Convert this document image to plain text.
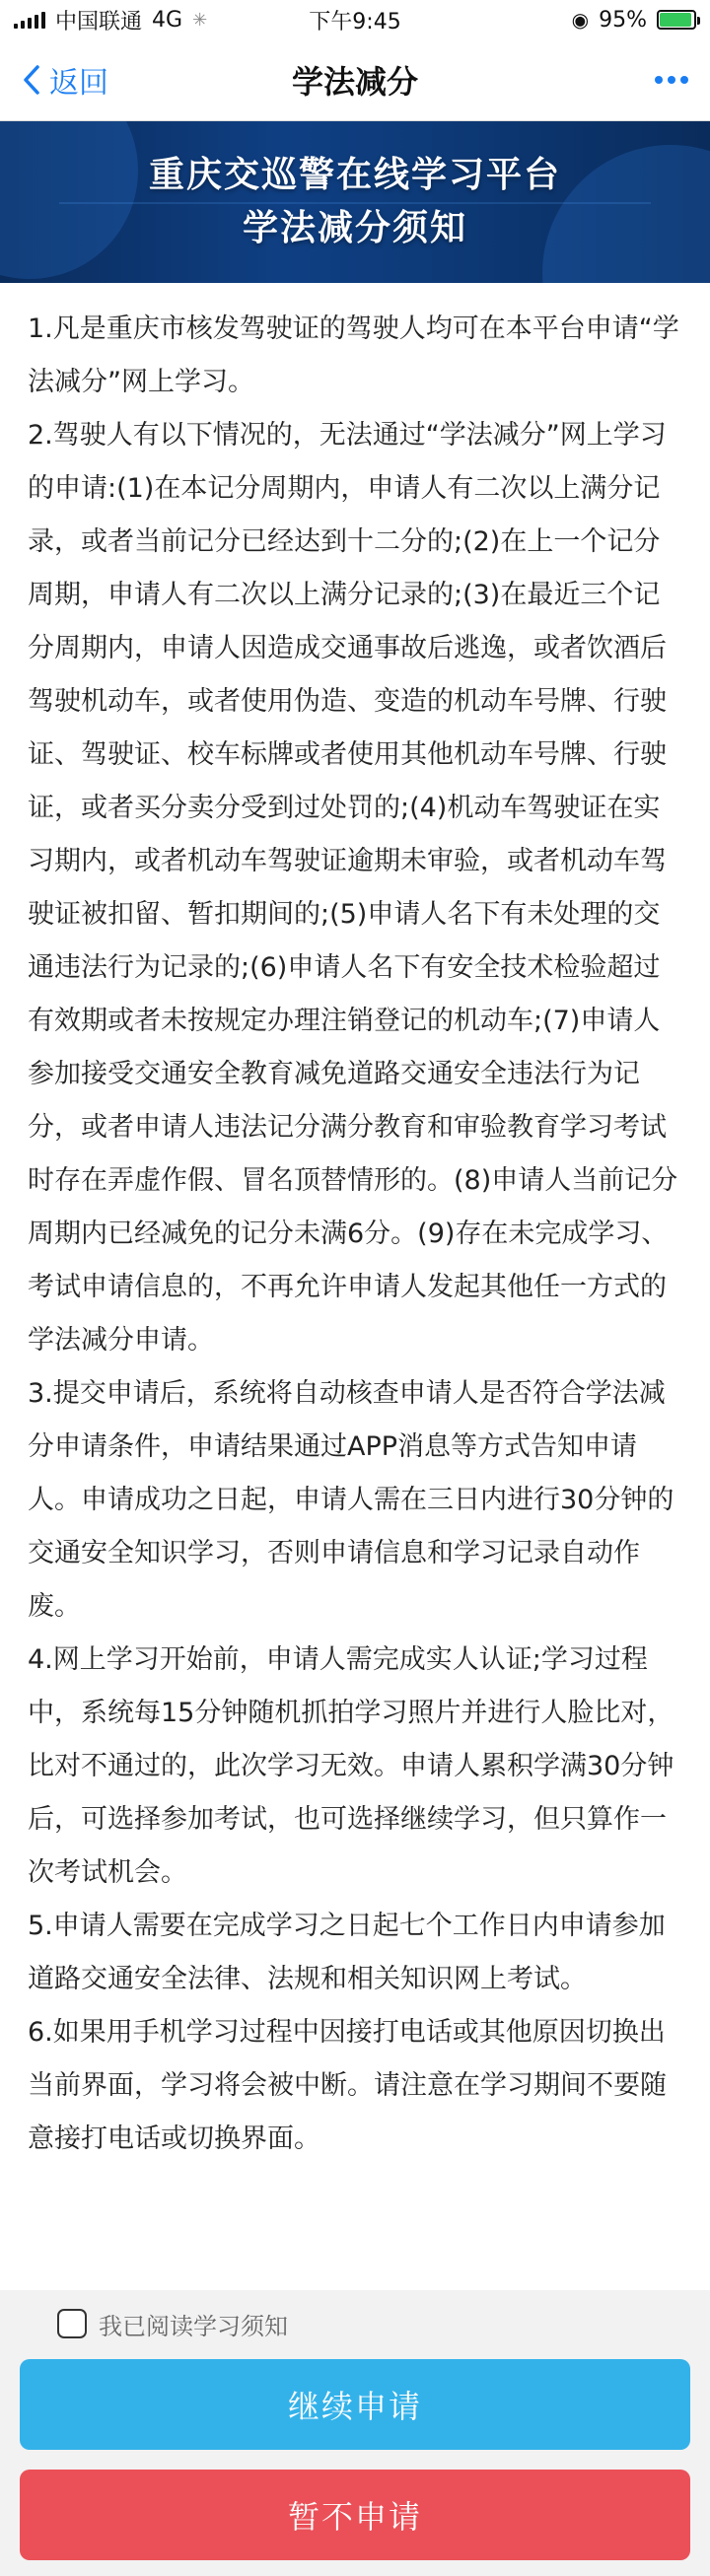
中国联通 4G ✳	下午9:45	◉ 95%
返回	学法减分
重庆交巡警在线学习平台
学法减分须知

1.凡是重庆市核发驾驶证的驾驶人均可在本平台申请“学法减分”网上学习。

2.驾驶人有以下情况的，无法通过“学法减分”网上学习的申请:(1)在本记分周期内，申请人有二次以上满分记录，或者当前记分已经达到十二分的;(2)在上一个记分周期，申请人有二次以上满分记录的;(3)在最近三个记分周期内，申请人因造成交通事故后逃逸，或者饮酒后驾驶机动车，或者使用伪造、变造的机动车号牌、行驶证、驾驶证、校车标牌或者使用其他机动车号牌、行驶证，或者买分卖分受到过处罚的;(4)机动车驾驶证在实习期内，或者机动车驾驶证逾期未审验，或者机动车驾驶证被扣留、暂扣期间的;(5)申请人名下有未处理的交通违法行为记录的;(6)申请人名下有安全技术检验超过有效期或者未按规定办理注销登记的机动车;(7)申请人参加接受交通安全教育减免道路交通安全违法行为记分，或者申请人违法记分满分教育和审验教育学习考试时存在弄虚作假、冒名顶替情形的。(8)申请人当前记分周期内已经减免的记分未满6分。(9)存在未完成学习、考试申请信息的，不再允许申请人发起其他任一方式的学法减分申请。

3.提交申请后，系统将自动核查申请人是否符合学法减分申请条件，申请结果通过APP消息等方式告知申请人。申请成功之日起，申请人需在三日内进行30分钟的交通安全知识学习，否则申请信息和学习记录自动作废。

4.网上学习开始前，申请人需完成实人认证;学习过程中，系统每15分钟随机抓拍学习照片并进行人脸比对，比对不通过的，此次学习无效。申请人累积学满30分钟后，可选择参加考试，也可选择继续学习，但只算作一次考试机会。

5.申请人需要在完成学习之日起七个工作日内申请参加道路交通安全法律、法规和相关知识网上考试。

6.如果用手机学习过程中因接打电话或其他原因切换出当前界面，学习将会被中断。请注意在学习期间不要随意接打电话或切换界面。

我已阅读学习须知
继续申请
暂不申请
